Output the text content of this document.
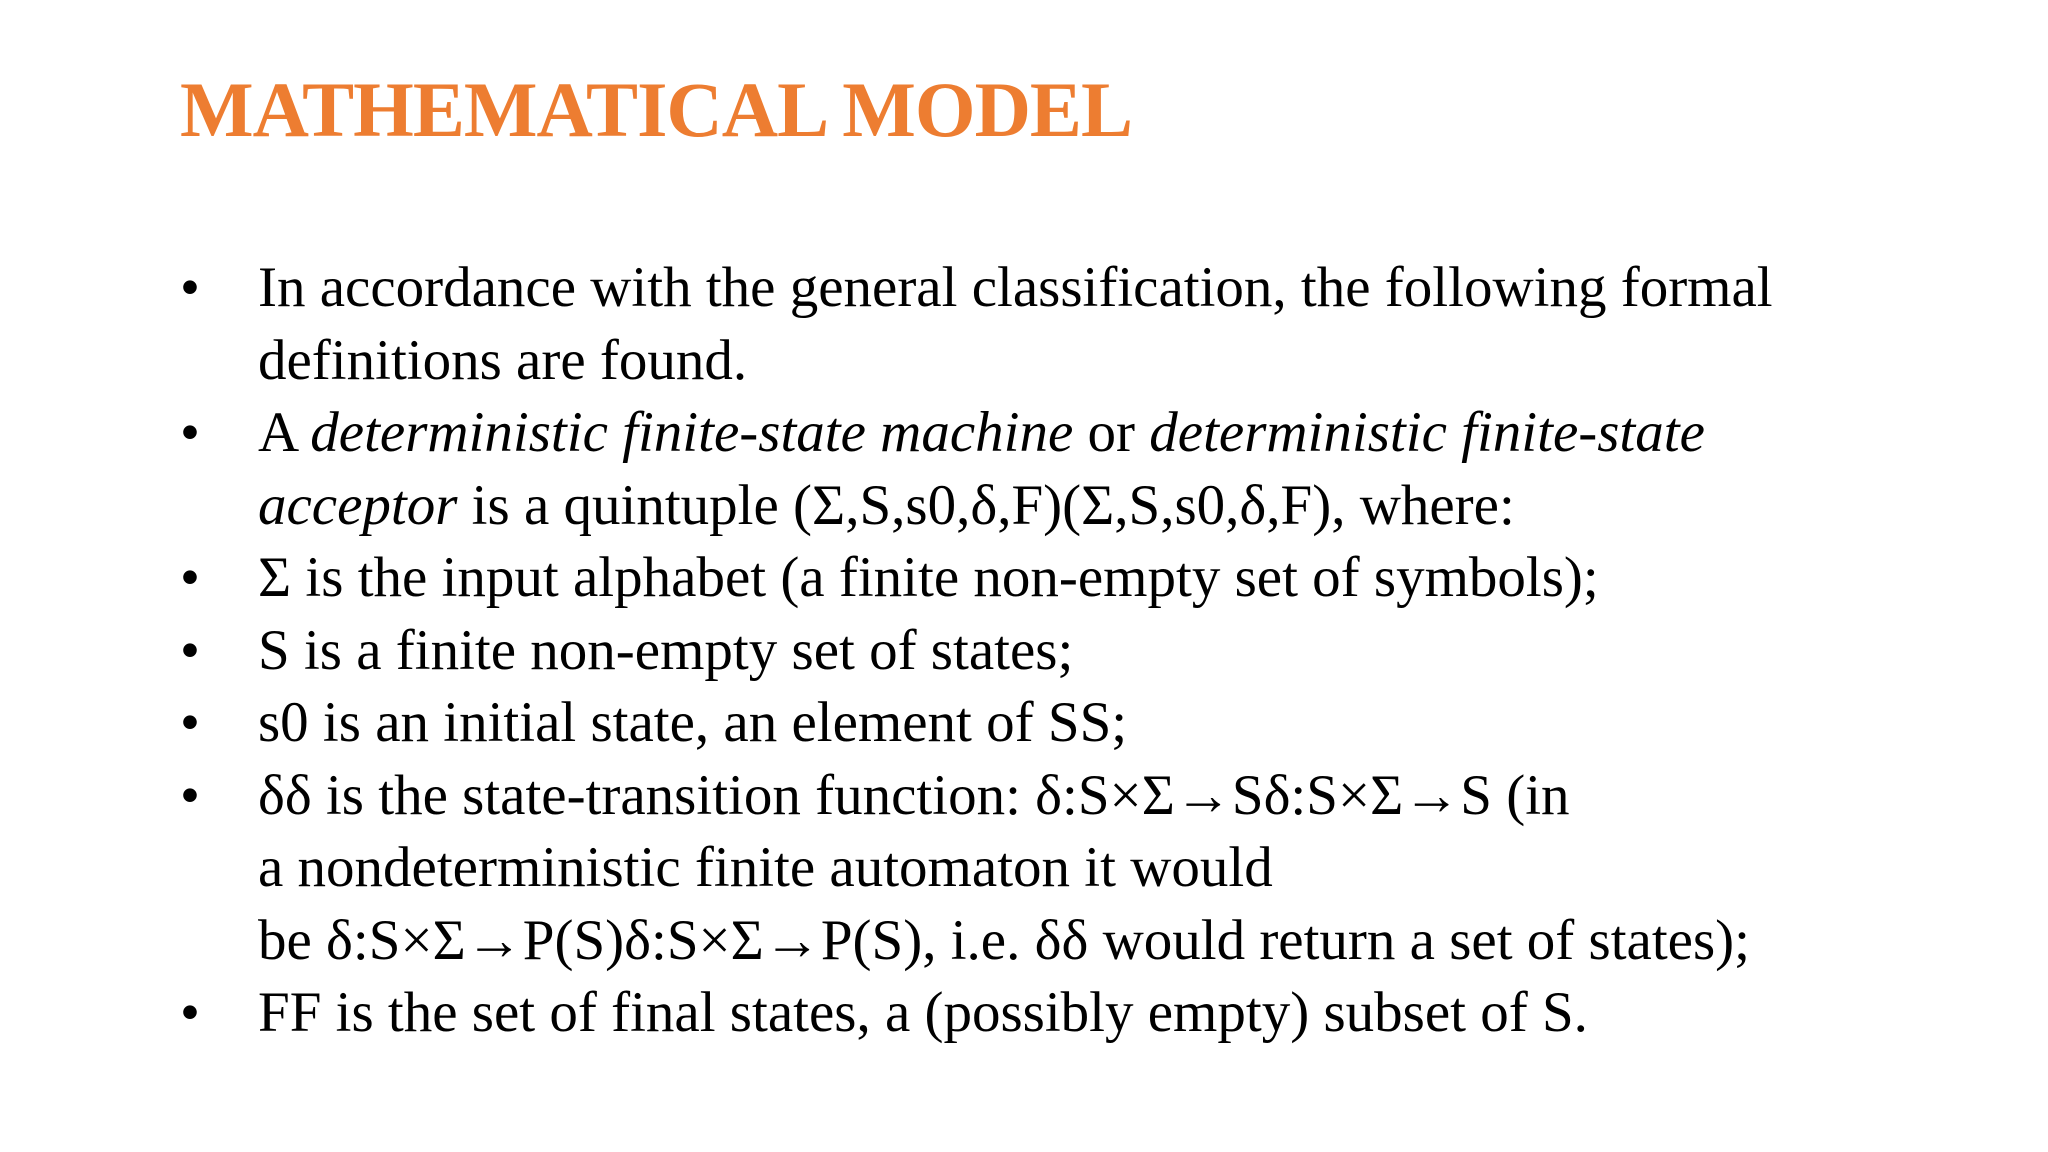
MATHEMATICAL MODEL
• In accordance with the general classification, the following formal definitions are found.
• A deterministic finite-state machine or deterministic finite-state acceptor is a quintuple (Σ,S,s0,δ,F)(Σ,S,s0,δ,F), where:
• Σ is the input alphabet (a finite non-empty set of symbols);
• S is a finite non-empty set of states;
• s0 is an initial state, an element of SS;
• δδ is the state-transition function: δ:S×Σ→Sδ:S×Σ→S (in
a nondeterministic finite automaton it would
be δ:S×Σ→P(S)δ:S×Σ→P(S), i.e. δδ would return a set of states);
• FF is the set of final states, a (possibly empty) subset of S.
